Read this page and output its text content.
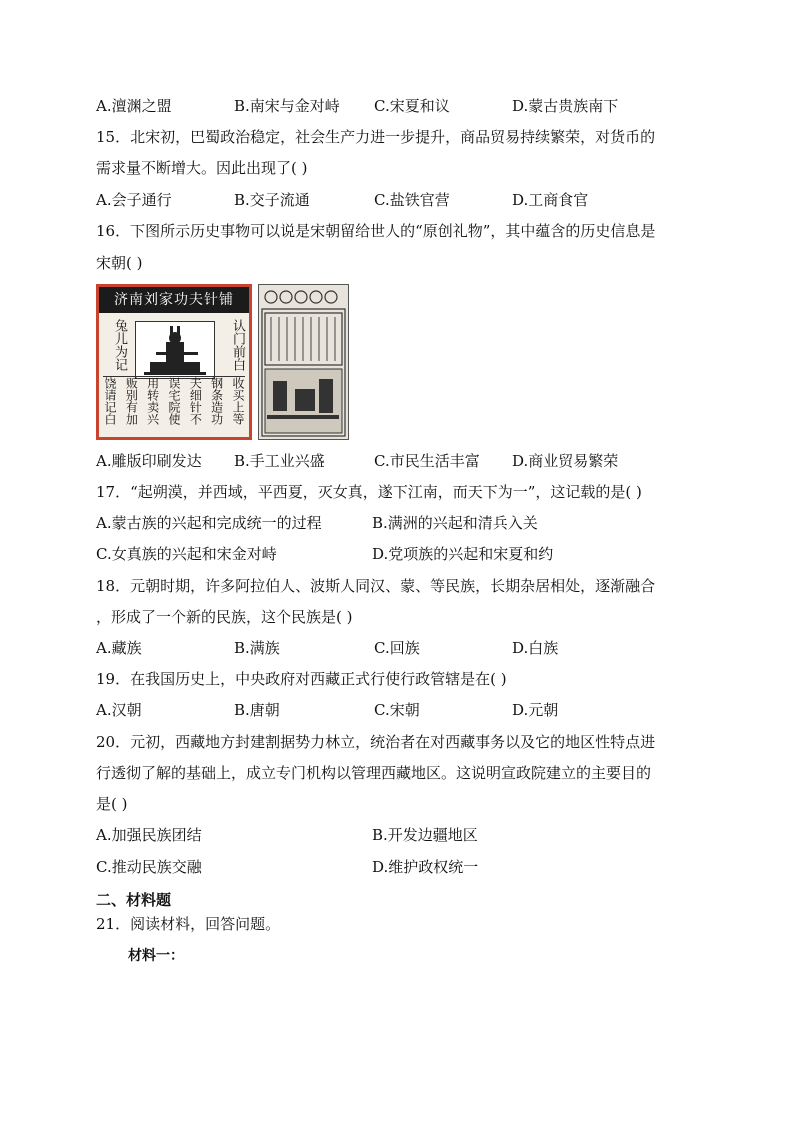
A.澶渊之盟	B.南宋与金对峙	C.宋夏和议	D.蒙古贵族南下
15．北宋初，巴蜀政治稳定，社会生产力进一步提升，商品贸易持续繁荣，对货币的
需求量不断增大。因此出现了( )
A.会子通行	B.交子流通	C.盐铁官营	D.工商食官
16．下图所示历史事物可以说是宋朝留给世人的“原创礼物”，其中蕴含的历史信息是
宋朝( )
济南刘家功夫针铺
兔儿为记	认门前白
收买上等
钢条造功
夫细针不
误宅院使
用转卖兴
贩别有加
饶请记白
A.雕版印刷发达	B.手工业兴盛	C.市民生活丰富	D.商业贸易繁荣
17．“起朔漠，并西域，平西夏，灭女真，遂下江南，而天下为一”，这记载的是( )
A.蒙古族的兴起和完成统一的过程	B.满洲的兴起和清兵入关
C.女真族的兴起和宋金对峙	D.党项族的兴起和宋夏和约
18．元朝时期，许多阿拉伯人、波斯人同汉、蒙、等民族，长期杂居相处，逐渐融合
，形成了一个新的民族，这个民族是( )
A.藏族	B.满族	C.回族	D.白族
19．在我国历史上，中央政府对西藏正式行使行政管辖是在( )
A.汉朝	B.唐朝	C.宋朝	D.元朝
20．元初，西藏地方封建割据势力林立，统治者在对西藏事务以及它的地区性特点进
行透彻了解的基础上，成立专门机构以管理西藏地区。这说明宣政院建立的主要目的
是( )
A.加强民族团结	B.开发边疆地区
C.推动民族交融	D.维护政权统一
二、材料题
21．阅读材料，回答问题。
材料一：
